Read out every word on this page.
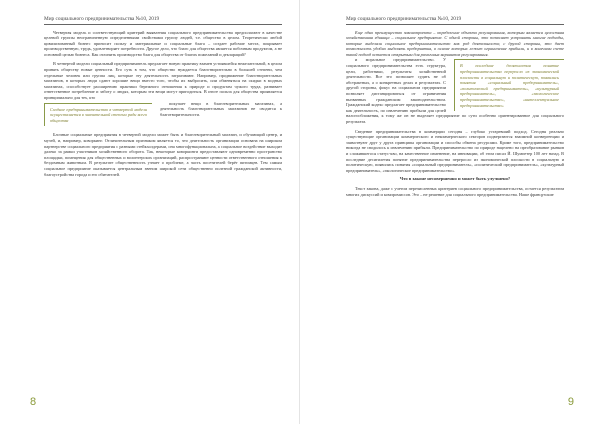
Мир социального предпринимательства №10, 2019

Четвертая модель и соответствующий критерий выявления социального предпринимательства предполагают в качестве целевой группы неограниченную определенными свойствами группу людей, т.е. общество в целом. Теоретически любой цивилизованный бизнес приносит пользу и материальные и социальные блага – создает рабочие места, покрывает производственную, трудь, удовлетворяет потребности. Другое дело, что благо для общества является побочным продуктом, а не основной целью бизнеса. Как отличить производство блага для общества от благих пожеланий и деклараций?

В четвертой модели социальный предприниматель предлагает новую практику взамен устоявшейся нежелательной, в целом принять обществу новые ценности. Его суть в том, что общество нуждается благотворительно в большей степени, чем отдельные человек или группа лиц, которые эту деятельность затрагивают. Например, продвижение благотворительных магазинов, в которых люди сдают хорошие вещи вместо того, чтобы их выбросить, или обменяться на скидки в модных магазинах, способствует расширению практики бережного отношения к природе и продуктам чужого труда, развивает ответственное потребление и заботу о людях, которым эти вещи могут пригодиться. В итоге польза для общества проявляется принципиально для тех, кто

Сходное предпринимательство в четвертой модели осуществляется в значительной степени ради всего общества

покупает вещи в благотворительных магазинах, а деятельность благотворительных магазинов не сводится к благотворительности.

Блочные социальные предприятия в четвертой модели может быть и благотворительный магазин, и обучающий центр, и музей, и, например, коворкинг. Отличительным признаком является то, что деятельность организации основана на широком партнерстве социального предприятия с разными стейкхолдерами, она многофункциональна, а социальное воздействие выходит далеко за рамки участников хозяйственного оборота. Так, некоторые коворкинги предоставляют одновременно пространство площадки, помещения для общественных и волонтерских организаций, распространяют ценности ответственного отношения к бездомным животным. В результате общественность узнает о проблеме, а часть посетителей берёт питомцев. Тем самым социальное предприятие оказывается центральным звеном широкой сети общественно полезной гражданской активности, благоустройства города и его обитателей.

8
Мир социального предпринимательства №10, 2019

Еще одно преимущество законопроекта – определение объекта регулирования, которым является целостная хозяйственная единица – социальное предприятие. С одной стороны, это позволяет устранить многие подходы, которые выделяли социальное предпринимательство как род деятельности; с другой стороны, это дает возможность удобно выделять предприятия, в основе которых лежит ограничение прибыли, и в конечном счете такой подход остается открытым для различных вариантов регулирования.

В последние десятилетия понятие предпринимательства переросло из экономической плоскости в социальную и политическую, появились понятия «социальный предприниматель», «политический предприниматель», «культурный предприниматель», «экологическое предпринимательство», «интеллектуальное предпринимательство»

и моральное предпринимательство. У социального предпринимательства есть структура, цели, работники, результаты хозяйственной деятельности. Все это позволяет судить не об абстрактных, а о конкретных делах и результатах. С другой стороны, фокус на социальном предприятии позволяет дистанцироваться от ограничения вызванных гражданским законодательством. Гражданский кодекс предлагает предпринимательство как деятельность, по извлечению прибыли для целей налогообложения, к тому же он не выделяет предприятие по сути особенно ориентированное для социального результата.

Сведение предпринимательства в коммерции сегодня – глубоко устаревший подход. Сегодня реально существующие организации коммерческого и некоммерческого секторов подвергаются взаимной конвергенции и заимствуют друг у друга принципы организации и способы обмена ресурсами. Кроме того, предпринимательство никогда не сводилось к извлечению прибыли. Предпринимательство по природе нацелено на преобразование рынков и сложившегося статус-кво, на качественное изменение, на инновации, об этом писал Й. Шумпетер 100 лет назад. В последние десятилетия понятие предпринимательства переросло из экономической плоскости в социальную и политическую, появились понятия «социальный предприниматель», «политический предприниматель», «культурный предприниматель», «экологическое предпринимательство».

Что в законе несовершенно и может быть улучшено?

Текст закона, даже с учетом перечисленных критериев социального предпринимательства, остается результатом многих дискуссий и компромиссов. Это – не решение для социального предпринимательства. Наше французские

9
